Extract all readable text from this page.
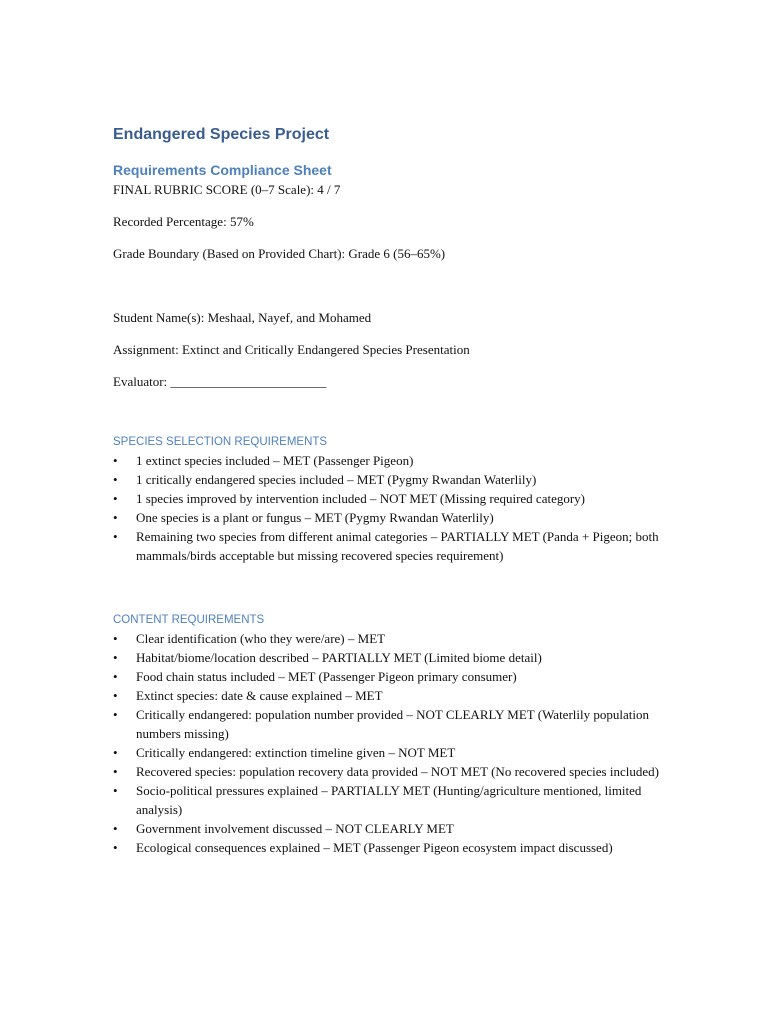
Endangered Species Project
Requirements Compliance Sheet

FINAL RUBRIC SCORE (0–7 Scale): 4 / 7

Recorded Percentage: 57%

Grade Boundary (Based on Provided Chart): Grade 6 (56–65%)

Student Name(s): Meshaal, Nayef, and Mohamed

Assignment: Extinct and Critically Endangered Species Presentation

Evaluator: ________________________

SPECIES SELECTION REQUIREMENTS

• 1 extinct species included – MET (Passenger Pigeon)
• 1 critically endangered species included – MET (Pygmy Rwandan Waterlily)
• 1 species improved by intervention included – NOT MET (Missing required category)
• One species is a plant or fungus – MET (Pygmy Rwandan Waterlily)
• Remaining two species from different animal categories – PARTIALLY MET (Panda + Pigeon; both mammals/birds acceptable but missing recovered species requirement)

CONTENT REQUIREMENTS

• Clear identification (who they were/are) – MET
• Habitat/biome/location described – PARTIALLY MET (Limited biome detail)
• Food chain status included – MET (Passenger Pigeon primary consumer)
• Extinct species: date & cause explained – MET
• Critically endangered: population number provided – NOT CLEARLY MET (Waterlily population numbers missing)
• Critically endangered: extinction timeline given – NOT MET
• Recovered species: population recovery data provided – NOT MET (No recovered species included)
• Socio-political pressures explained – PARTIALLY MET (Hunting/agriculture mentioned, limited analysis)
• Government involvement discussed – NOT CLEARLY MET
• Ecological consequences explained – MET (Passenger Pigeon ecosystem impact discussed)
